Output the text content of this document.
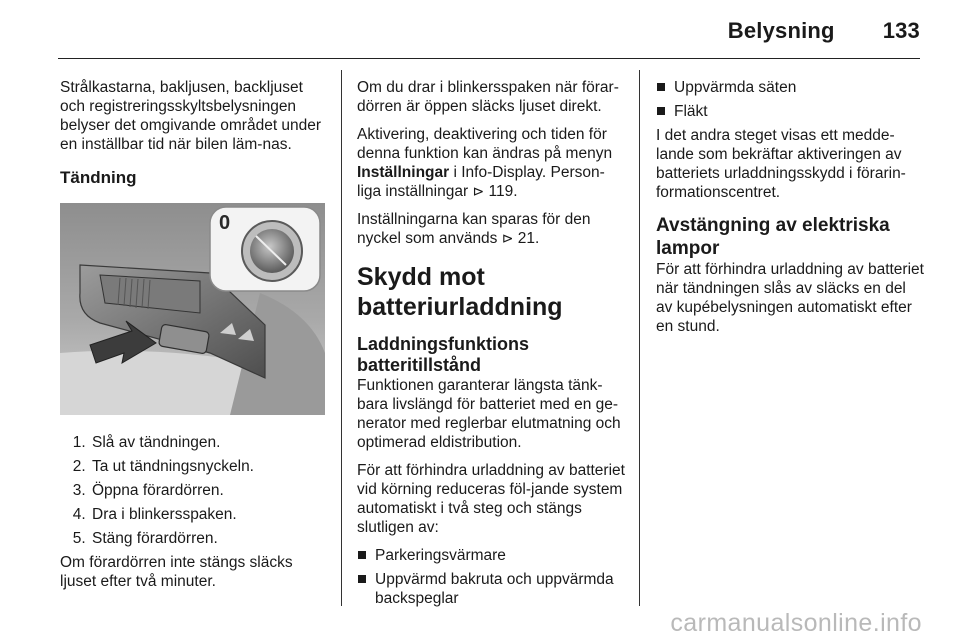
Belysning 133

Strålkastarna, bakljusen, backljuset och registreringsskyltsbelysningen belyser det omgivande området under en inställbar tid när bilen läm-nas.

Tändning
0
1. Slå av tändningen.
2. Ta ut tändningsnyckeln.
3. Öppna förardörren.
4. Dra i blinkersspaken.
5. Stäng förardörren.

Om förardörren inte stängs släcks ljuset efter två minuter.

Om du drar i blinkersspaken när förar-dörren är öppen släcks ljuset direkt.

Aktivering, deaktivering och tiden för denna funktion kan ändras på menyn Inställningar i Info-Display. Person-liga inställningar ⊳ 119.

Inställningarna kan sparas för den nyckel som används ⊳ 21.

Skydd mot batteriurladdning
Laddningsfunktions batteritillstånd

Funktionen garanterar längsta tänk-bara livslängd för batteriet med en ge-nerator med reglerbar elutmatning och optimerad eldistribution.

För att förhindra urladdning av batteriet vid körning reduceras föl-jande system automatiskt i två steg och stängs slutligen av:

Parkeringsvärmare
Uppvärmd bakruta och uppvärmda backspeglar
Uppvärmda säten
Fläkt

I det andra steget visas ett medde-lande som bekräftar aktiveringen av batteriets urladdningsskydd i förarin-formationscentret.

Avstängning av elektriska lampor

För att förhindra urladdning av batteriet när tändningen slås av släcks en del av kupébelysningen automatiskt efter en stund.

carmanualsonline.info
